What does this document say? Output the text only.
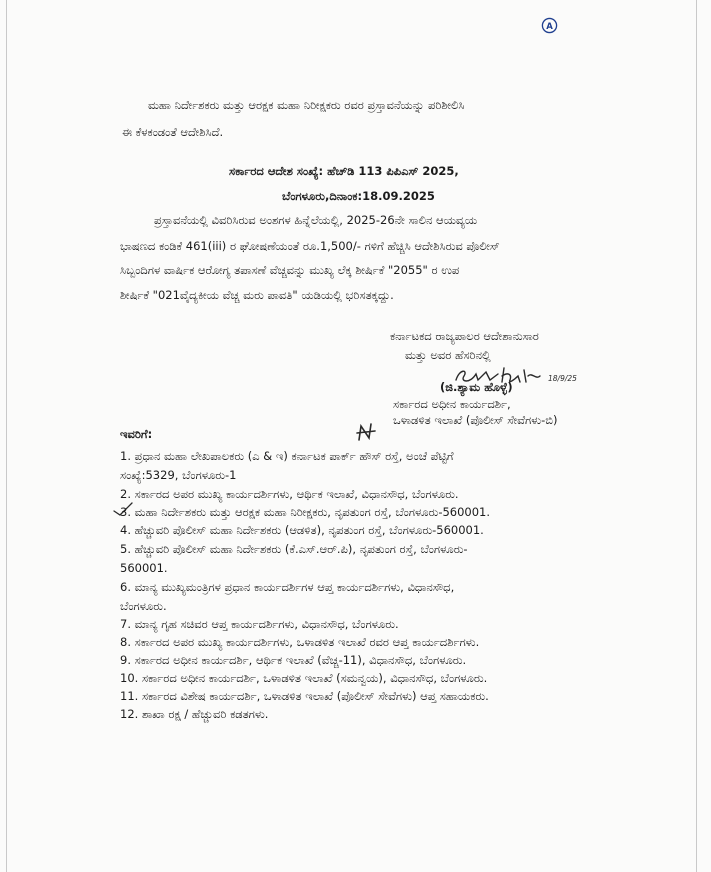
A
ಮಹಾ ನಿರ್ದೇಶಕರು ಮತ್ತು ಆರಕ್ಷಕ ಮಹಾ ನಿರೀಕ್ಷಕರು ರವರ ಪ್ರಸ್ತಾವನೆಯನ್ನು ಪರಿಶೀಲಿಸಿ
ಈ ಕೆಳಕಂಡಂತೆ ಆದೇಶಿಸಿದೆ.
ಸರ್ಕಾರದ ಆದೇಶ ಸಂಖ್ಯೆ: ಹೆಚ್‌ಡಿ 113 ಪಿಪಿಎಸ್ 2025,
ಬೆಂಗಳೂರು,ದಿನಾಂಕ:18.09.2025
ಪ್ರಸ್ತಾವನೆಯಲ್ಲಿ ವಿವರಿಸಿರುವ ಅಂಶಗಳ ಹಿನ್ನೆಲೆಯಲ್ಲಿ, 2025-26ನೇ ಸಾಲಿನ ಆಯವ್ಯಯ
ಭಾಷಣದ ಕಂಡಿಕೆ 461(iii) ರ ಘೋಷಣೆಯಂತೆ ರೂ.1,500/- ಗಳಿಗೆ ಹೆಚ್ಚಿಸಿ ಆದೇಶಿಸಿರುವ ಪೊಲೀಸ್
ಸಿಬ್ಬಂದಿಗಳ ವಾರ್ಷಿಕ ಆರೋಗ್ಯ ತಪಾಸಣೆ ವೆಚ್ಚವನ್ನು ಮುಖ್ಯ ಲೆಕ್ಕ ಶೀರ್ಷಿಕೆ "2055" ರ ಉಪ
ಶೀರ್ಷಿಕೆ "021ವೈದ್ಯಕೀಯ ವೆಚ್ಚ ಮರು ಪಾವತಿ" ಯಡಿಯಲ್ಲಿ ಭರಿಸತಕ್ಕದ್ದು.
ಕರ್ನಾಟಕದ ರಾಜ್ಯಪಾಲರ ಆದೇಶಾನುಸಾರ
ಮತ್ತು ಅವರ ಹೆಸರಿನಲ್ಲಿ
18/9/25
(ಜಿ.ಶ್ಯಾಮ ಹೊಳ್ಳೆ)
ಸರ್ಕಾರದ ಅಧೀನ ಕಾರ್ಯದರ್ಶಿ,
ಒಳಾಡಳಿತ ಇಲಾಖೆ (ಪೊಲೀಸ್ ಸೇವೆಗಳು-ಬಿ)
ಇವರಿಗೆ:
1. ಪ್ರಧಾನ ಮಹಾ ಲೇಖಪಾಲಕರು (ಎ & ಇ) ಕರ್ನಾಟಕ ಪಾರ್ಕ್ ಹೌಸ್ ರಸ್ತೆ, ಅಂಚೆ ಪೆಟ್ಟಿಗೆ
ಸಂಖ್ಯೆ:5329, ಬೆಂಗಳೂರು-1
2. ಸರ್ಕಾರದ ಅಪರ ಮುಖ್ಯ ಕಾರ್ಯದರ್ಶಿಗಳು, ಆರ್ಥಿಕ ಇಲಾಖೆ, ವಿಧಾನಸೌಧ, ಬೆಂಗಳೂರು.
3. ಮಹಾ ನಿರ್ದೇಶಕರು ಮತ್ತು ಆರಕ್ಷಕ ಮಹಾ ನಿರೀಕ್ಷಕರು, ನೃಪತುಂಗ ರಸ್ತೆ, ಬೆಂಗಳೂರು-560001.
4. ಹೆಚ್ಚುವರಿ ಪೊಲೀಸ್ ಮಹಾ ನಿರ್ದೇಶಕರು (ಆಡಳಿತ), ನೃಪತುಂಗ ರಸ್ತೆ, ಬೆಂಗಳೂರು-560001.
5. ಹೆಚ್ಚುವರಿ ಪೊಲೀಸ್ ಮಹಾ ನಿರ್ದೇಶಕರು (ಕೆ.ಎಸ್.ಆರ್.ಪಿ), ನೃಪತುಂಗ ರಸ್ತೆ, ಬೆಂಗಳೂರು-
560001.
6. ಮಾನ್ಯ ಮುಖ್ಯಮಂತ್ರಿಗಳ ಪ್ರಧಾನ ಕಾರ್ಯದರ್ಶಿಗಳ ಆಪ್ತ ಕಾರ್ಯದರ್ಶಿಗಳು, ವಿಧಾನಸೌಧ,
ಬೆಂಗಳೂರು.
7. ಮಾನ್ಯ ಗೃಹ ಸಚಿವರ ಆಪ್ತ ಕಾರ್ಯದರ್ಶಿಗಳು, ವಿಧಾನಸೌಧ, ಬೆಂಗಳೂರು.
8. ಸರ್ಕಾರದ ಅಪರ ಮುಖ್ಯ ಕಾರ್ಯದರ್ಶಿಗಳು, ಒಳಾಡಳಿತ ಇಲಾಖೆ ರವರ ಆಪ್ತ ಕಾರ್ಯದರ್ಶಿಗಳು.
9. ಸರ್ಕಾರದ ಅಧೀನ ಕಾರ್ಯದರ್ಶಿ, ಆರ್ಥಿಕ ಇಲಾಖೆ (ವೆಚ್ಚ-11), ವಿಧಾನಸೌಧ, ಬೆಂಗಳೂರು.
10. ಸರ್ಕಾರದ ಅಧೀನ ಕಾರ್ಯದರ್ಶಿ, ಒಳಾಡಳಿತ ಇಲಾಖೆ (ಸಮನ್ವಯ), ವಿಧಾನಸೌಧ, ಬೆಂಗಳೂರು.
11. ಸರ್ಕಾರದ ವಿಶೇಷ ಕಾರ್ಯದರ್ಶಿ, ಒಳಾಡಳಿತ ಇಲಾಖೆ (ಪೊಲೀಸ್ ಸೇವೆಗಳು) ಆಪ್ತ ಸಹಾಯಕರು.
12. ಶಾಖಾ ರಕ್ಷ / ಹೆಚ್ಚುವರಿ ಕಡತಗಳು.
